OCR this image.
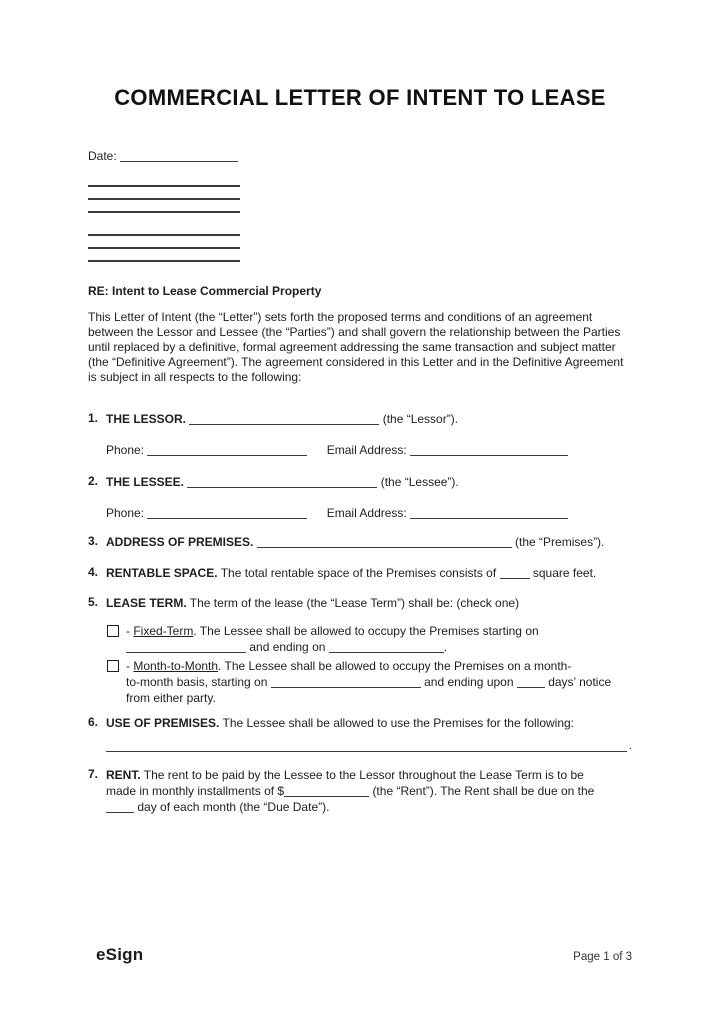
COMMERCIAL LETTER OF INTENT TO LEASE
Date:

RE: Intent to Lease Commercial Property

This Letter of Intent (the “Letter”) sets forth the proposed terms and conditions of an agreement between the Lessor and Lessee (the “Parties”) and shall govern the relationship between the Parties until replaced by a definitive, formal agreement addressing the same transaction and subject matter (the “Definitive Agreement”). The agreement considered in this Letter and in the Definitive Agreement is subject in all respects to the following:

1. THE LESSOR.	(the “Lessor”).
Phone:	Email Address:
2. THE LESSEE.	(the “Lessee”).
Phone:	Email Address:
3. ADDRESS OF PREMISES.	(the “Premises”).
4. RENTABLE SPACE. The total rentable space of the Premises consists of	square feet.
5. LEASE TERM. The term of the lease (the “Lease Term”) shall be: (check one)
- Fixed-Term. The Lessee shall be allowed to occupy the Premises starting on
and ending on	.
- Month-to-Month. The Lessee shall be allowed to occupy the Premises on a month-
to-month basis, starting on	and ending upon	days’ notice
from either party.
6. USE OF PREMISES. The Lessee shall be allowed to use the Premises for the following:
.
7. RENT. The rent to be paid by the Lessee to the Lessor throughout the Lease Term is to be
made in monthly installments of $	(the “Rent”). The Rent shall be due on the
day of each month (the “Due Date”).
eSign	Page 1 of 3
